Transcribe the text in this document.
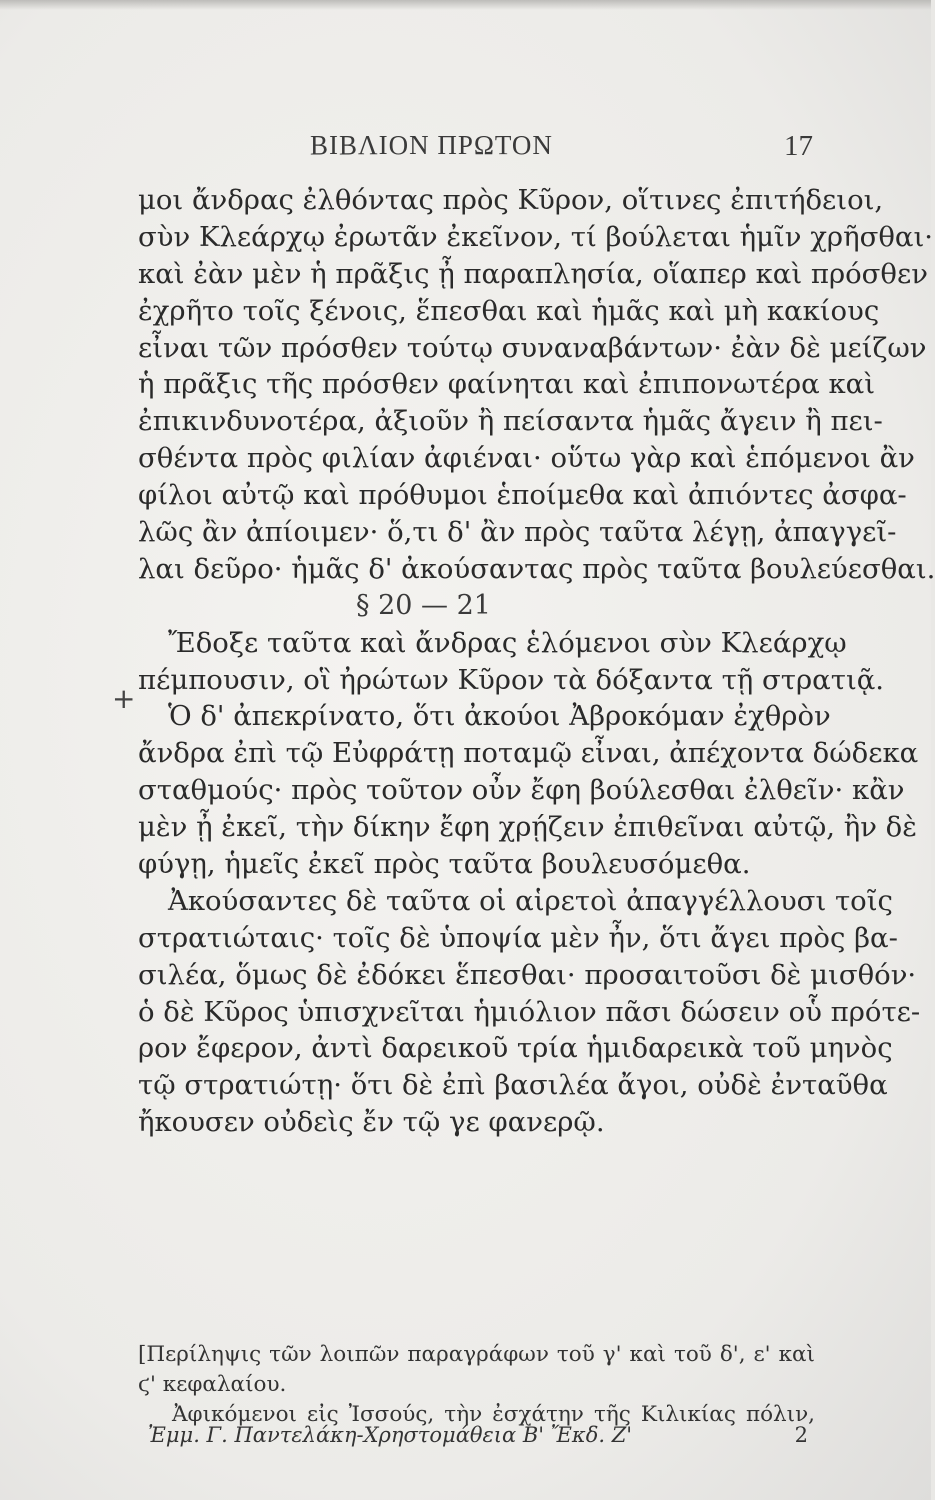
ΒΙΒΛΙΟΝ ΠΡΩΤΟΝ	17
+
μοι ἄνδρας ἐλθόντας πρὸς Κῦρον, οἵτινες ἐπιτήδειοι,
σὺν Κλεάρχῳ ἐρωτᾶν ἐκεῖνον, τί βούλεται ἡμῖν χρῆσθαι·
καὶ ἐὰν μὲν ἡ πρᾶξις ᾖ παραπλησία, οἵαπερ καὶ πρόσθεν
ἐχρῆτο τοῖς ξένοις, ἕπεσθαι καὶ ἡμᾶς καὶ μὴ κακίους
εἶναι τῶν πρόσθεν τούτῳ συναναβάντων· ἐὰν δὲ μείζων
ἡ πρᾶξις τῆς πρόσθεν φαίνηται καὶ ἐπιπονωτέρα καὶ
ἐπικινδυνοτέρα, ἀξιοῦν ἢ πείσαντα ἡμᾶς ἄγειν ἢ πει-
σθέντα πρὸς φιλίαν ἀφιέναι· οὕτω γὰρ καὶ ἑπόμενοι ἂν
φίλοι αὐτῷ καὶ πρόθυμοι ἑποίμεθα καὶ ἀπιόντες ἀσφα-
λῶς ἂν ἀπίοιμεν· ὅ,τι δ' ἂν πρὸς ταῦτα λέγῃ, ἀπαγγεῖ-
λαι δεῦρο· ἡμᾶς δ' ἀκούσαντας πρὸς ταῦτα βουλεύεσθαι.
§ 20 — 21
Ἔδοξε ταῦτα καὶ ἄνδρας ἑλόμενοι σὺν Κλεάρχῳ
πέμπουσιν, οἳ ἠρώτων Κῦρον τὰ δόξαντα τῇ στρατιᾷ.
Ὁ δ' ἀπεκρίνατο, ὅτι ἀκούοι Ἀβροκόμαν ἐχθρὸν
ἄνδρα ἐπὶ τῷ Εὐφράτῃ ποταμῷ εἶναι, ἀπέχοντα δώδεκα
σταθμούς· πρὸς τοῦτον οὖν ἔφη βούλεσθαι ἐλθεῖν· κἂν
μὲν ᾖ ἐκεῖ, τὴν δίκην ἔφη χρῄζειν ἐπιθεῖναι αὐτῷ, ἢν δὲ
φύγῃ, ἡμεῖς ἐκεῖ πρὸς ταῦτα βουλευσόμεθα.
Ἀκούσαντες δὲ ταῦτα οἱ αἱρετοὶ ἀπαγγέλλουσι τοῖς
στρατιώταις· τοῖς δὲ ὑποψία μὲν ἦν, ὅτι ἄγει πρὸς βα-
σιλέα, ὅμως δὲ ἐδόκει ἕπεσθαι· προσαιτοῦσι δὲ μισθόν·
ὁ δὲ Κῦρος ὑπισχνεῖται ἡμιόλιον πᾶσι δώσειν οὗ πρότε-
ρον ἔφερον, ἀντὶ δαρεικοῦ τρία ἡμιδαρεικὰ τοῦ μηνὸς
τῷ στρατιώτῃ· ὅτι δὲ ἐπὶ βασιλέα ἄγοι, οὐδὲ ἐνταῦθα
ἤκουσεν οὐδεὶς ἔν τῷ γε φανερῷ.
[Περίληψις τῶν λοιπῶν παραγράφων τοῦ γ' καὶ τοῦ δ', ε' καὶ
ϛ' κεφαλαίου.
Ἀφικόμενοι εἰς Ἰσσούς, τὴν ἐσχάτην τῆς Κιλικίας πόλιν,
Ἐμμ. Γ. Παντελάκη-Χρηστομάθεια Β' Ἔκδ. Ζ'	2
